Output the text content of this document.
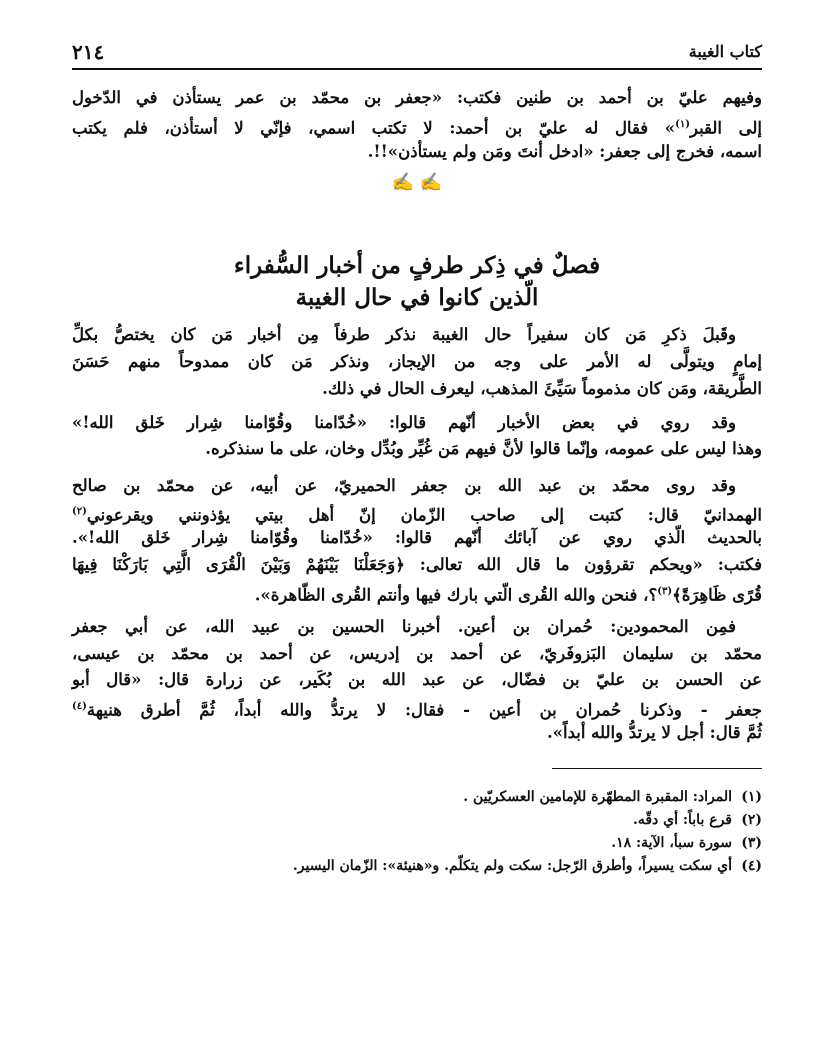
كتاب الغيبة
٢١٤
وفيهم عليّ بن أحمد بن طنين فكتب: «جعفر بن محمّد بن عمر يستأذن في الدّخول
إلى القبر$^{(١)}$» فقال له عليّ بن أحمد: لا تكتب اسمي، فإنّي لا أستأذن، فلم يكتب
اسمه، فخرج إلى جعفر: «ادخل أنتَ ومَن ولم يستأذن»!!.
✍ ✍
فصلٌ في ذِكر طرفٍ من أخبار السُّفراء
الّذين كانوا في حال الغيبة
وقَبلَ ذكرِ مَن كان سفيراً حال الغيبة نذكر طرفاً مِن أخبار مَن كان يختصُّ بكلِّ
إمامٍ ويتولَّى له الأمر على وجه من الإيجاز، ونذكر مَن كان ممدوحاً منهم حَسَنَ
الطَّريقة، ومَن كان مذموماً سَيِّئَ المذهب، ليعرف الحال في ذلك.
وقد روي في بعض الأخبار أنّهم قالوا: «خُدّامنا وقُوّامنا شِرار خَلق الله!»
وهذا ليس على عمومه، وإنّما قالوا لأنَّ فيهم مَن غُيِّر وبُدِّل وخان، على ما سنذكره.
وقد روى محمّد بن عبد الله بن جعفر الحميريّ، عن أبيه، عن محمّد بن صالح
الهمدانيّ قال: كتبت إلى صاحب الزّمان إنّ أهل بيتي يؤذونني ويقرعوني$^{(٢)}$
بالحديث الّذي روي عن آبائك أنّهم قالوا: «خُدّامنا وقُوّامنا شِرار خَلق الله!».
فكتب: «ويحكم تقرؤون ما قال الله تعالى: ﴿وَجَعَلْنَا بَيْنَهُمْ وَبَيْنَ الْقُرَى الَّتِي بَارَكْنَا فِيهَا
قُرًى ظَاهِرَةً﴾$^{(٣)}$؟، فنحن والله القُرى الّتي بارك فيها وأنتم القُرى الظّاهرة».
فمِن المحمودين: حُمران بن أعين. أخبرنا الحسين بن عبيد الله، عن أبي جعفر
محمّد بن سليمان البَزوفَريّ، عن أحمد بن إدريس، عن أحمد بن محمّد بن عيسى،
عن الحسن بن عليّ بن فضّال، عن عبد الله بن بُكَير، عن زرارة قال: «قال أبو
جعفر - وذكرنا حُمران بن أعين - فقال: لا يرتدُّ والله أبداً، ثُمَّ أطرق هنيهة$^{(٤)}$
ثُمَّ قال: أجل لا يرتدُّ والله أبداً».
(١)المراد: المقبرة المطهّرة للإمامين العسكريّين .
(٢)قرع باباً: أي دقّه.
(٣)سورة سبأ، الآية: ١٨.
(٤)أي سكت يسيراً، وأطرق الرّجل: سكت ولم يتكلّم. و«هنيئة»: الزّمان اليسير.
